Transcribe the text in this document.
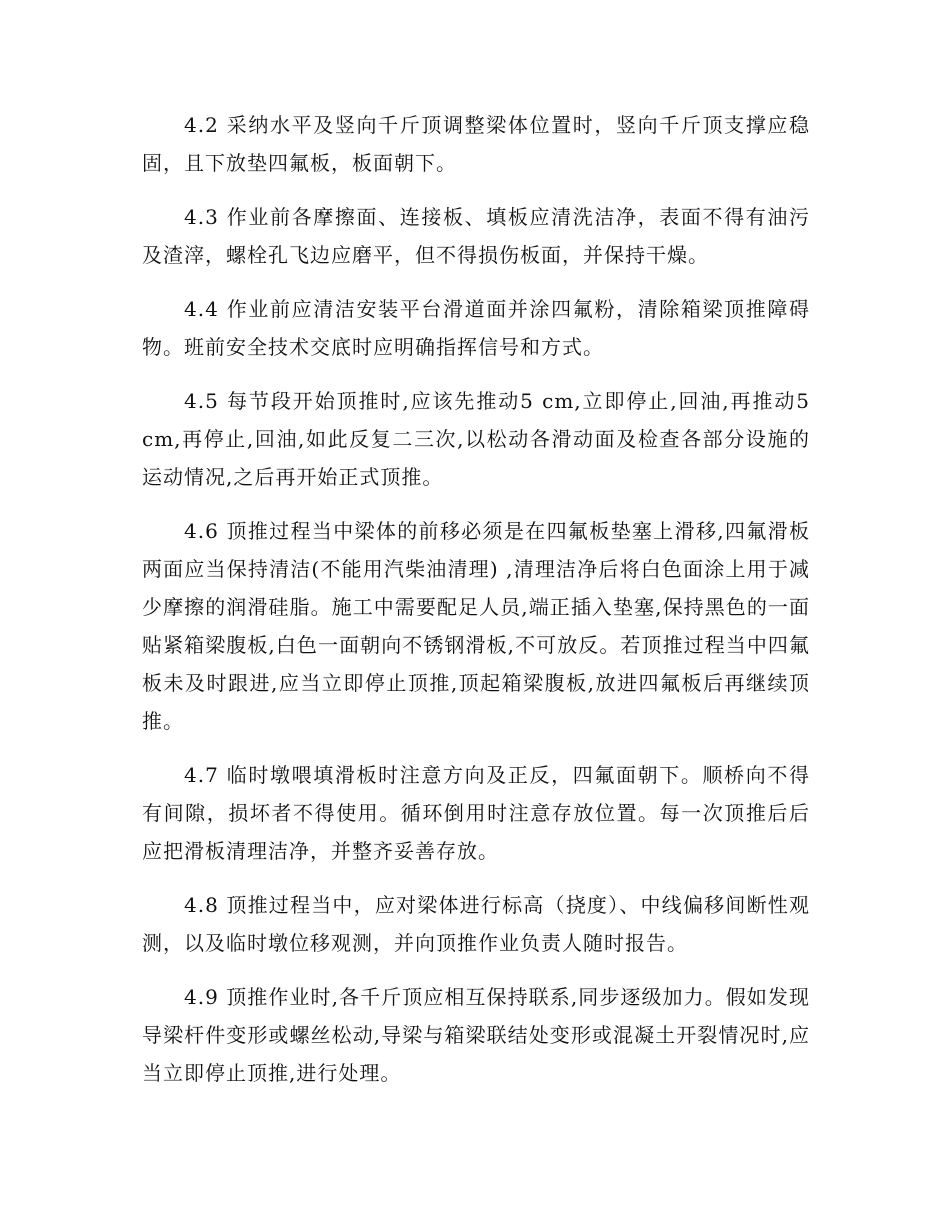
4.2 采纳水平及竖向千斤顶调整梁体位置时，竖向千斤顶支撑应稳固，且下放垫四氟板，板面朝下。

4.3 作业前各摩擦面、连接板、填板应清洗洁净，表面不得有油污及渣滓，螺栓孔飞边应磨平，但不得损伤板面，并保持干燥。

4.4 作业前应清洁安装平台滑道面并涂四氟粉，清除箱梁顶推障碍物。班前安全技术交底时应明确指挥信号和方式。

4.5 每节段开始顶推时,应该先推动5 cm,立即停止,回油,再推动5 cm,再停止,回油,如此反复二三次,以松动各滑动面及检查各部分设施的运动情况,之后再开始正式顶推。

4.6 顶推过程当中梁体的前移必须是在四氟板垫塞上滑移,四氟滑板两面应当保持清洁(不能用汽柴油清理) ,清理洁净后将白色面涂上用于减少摩擦的润滑硅脂。施工中需要配足人员,端正插入垫塞,保持黑色的一面贴紧箱梁腹板,白色一面朝向不锈钢滑板,不可放反。若顶推过程当中四氟板未及时跟进,应当立即停止顶推,顶起箱梁腹板,放进四氟板后再继续顶推。

4.7 临时墩喂填滑板时注意方向及正反，四氟面朝下。顺桥向不得有间隙，损坏者不得使用。循环倒用时注意存放位置。每一次顶推后后应把滑板清理洁净，并整齐妥善存放。

4.8 顶推过程当中，应对梁体进行标高（挠度）、中线偏移间断性观测，以及临时墩位移观测，并向顶推作业负责人随时报告。

4.9 顶推作业时,各千斤顶应相互保持联系,同步逐级加力。假如发现导梁杆件变形或螺丝松动,导梁与箱梁联结处变形或混凝土开裂情况时,应当立即停止顶推,进行处理。
